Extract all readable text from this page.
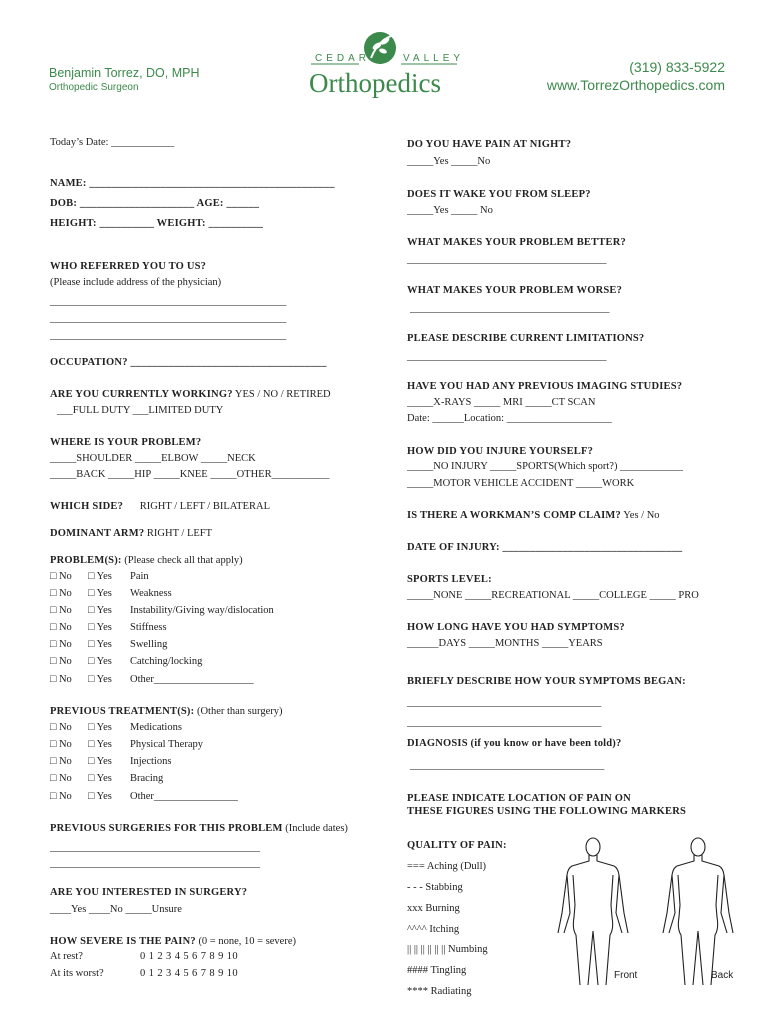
Benjamin Torrez, DO, MPH
Orthopedic Surgeon
CEDAR	VALLEY
Orthopedics
(319) 833-5922
www.TorrezOrthopedics.com
Today’s Date: ____________
NAME: _____________________________________________
DOB: _____________________ AGE: ______
HEIGHT: __________ WEIGHT: __________
WHO REFERRED YOU TO US?
(Please include address of the physician)
_____________________________________________
_____________________________________________
_____________________________________________
OCCUPATION? ____________________________________
ARE YOU CURRENTLY WORKING? YES / NO / RETIRED
___FULL DUTY ___LIMITED DUTY
WHERE IS YOUR PROBLEM?
_____SHOULDER _____ELBOW _____NECK
_____BACK _____HIP _____KNEE _____OTHER___________
WHICH SIDE? RIGHT / LEFT / BILATERAL
DOMINANT ARM? RIGHT / LEFT
PROBLEM(S): (Please check all that apply)
□ No □ Yes Pain
□ No □ Yes Weakness
□ No □ Yes Instability/Giving way/dislocation
□ No □ Yes Stiffness
□ No □ Yes Swelling
□ No □ Yes Catching/locking
□ No □ Yes Other___________________
PREVIOUS TREATMENT(S): (Other than surgery)
□ No □ Yes Medications
□ No □ Yes Physical Therapy
□ No □ Yes Injections
□ No □ Yes Bracing
□ No □ Yes Other________________
PREVIOUS SURGERIES FOR THIS PROBLEM (Include dates)
________________________________________
________________________________________
ARE YOU INTERESTED IN SURGERY?
____Yes ____No _____Unsure
HOW SEVERE IS THE PAIN? (0 = none, 10 = severe)
At rest?	0 1 2 3 4 5 6 7 8 9 10
At its worst?	0 1 2 3 4 5 6 7 8 9 10
DO YOU HAVE PAIN AT NIGHT?
_____Yes _____No
DOES IT WAKE YOU FROM SLEEP?
_____Yes _____ No
WHAT MAKES YOUR PROBLEM BETTER?
______________________________________
WHAT MAKES YOUR PROBLEM WORSE?
______________________________________
PLEASE DESCRIBE CURRENT LIMITATIONS?
______________________________________
HAVE YOU HAD ANY PREVIOUS IMAGING STUDIES?
_____X-RAYS _____ MRI _____CT SCAN
Date: ______Location: ____________________
HOW DID YOU INJURE YOURSELF?
_____NO INJURY _____SPORTS(Which sport?) ____________
_____MOTOR VEHICLE ACCIDENT _____WORK
IS THERE A WORKMAN’S COMP CLAIM? Yes / No
DATE OF INJURY: _________________________________
SPORTS LEVEL:
_____NONE _____RECREATIONAL _____COLLEGE _____ PRO
HOW LONG HAVE YOU HAD SYMPTOMS?
______DAYS _____MONTHS _____YEARS
BRIEFLY DESCRIBE HOW YOUR SYMPTOMS BEGAN:
_____________________________________
_____________________________________
DIAGNOSIS (if you know or have been told)?
_____________________________________
PLEASE INDICATE LOCATION OF PAIN ON
THESE FIGURES USING THE FOLLOWING MARKERS
QUALITY OF PAIN:
=== Aching (Dull)
- - - Stabbing
xxx Burning
^^^^ Itching
|| || || || || || Numbing
#### Tingling
**** Radiating
Front	Back
